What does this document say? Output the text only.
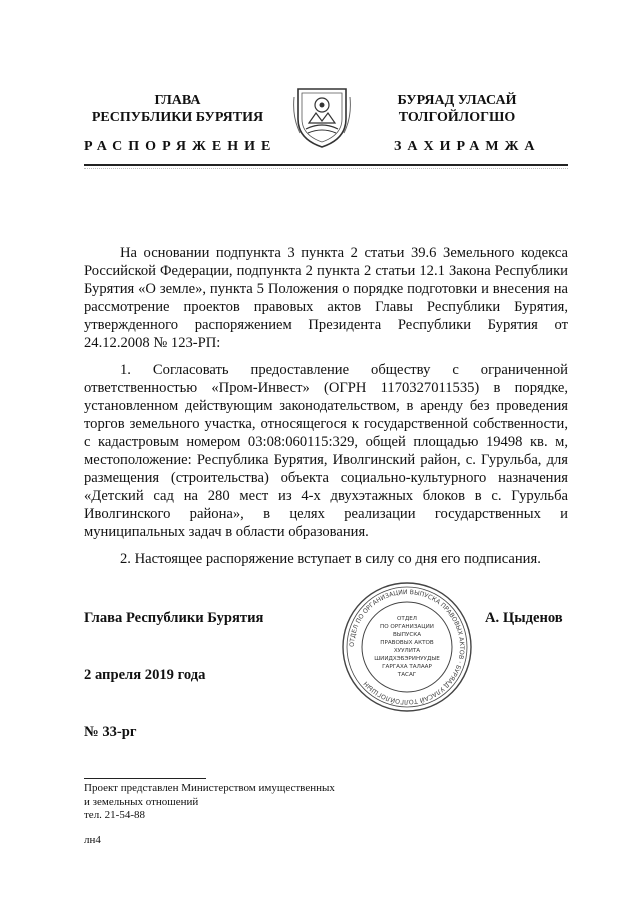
ГЛАВА
РЕСПУБЛИКИ БУРЯТИЯ
БУРЯАД УЛАСАЙ
ТОЛГОЙЛОГШО
РАСПОРЯЖЕНИЕ	ЗАХИРАМЖА

На основании подпункта 3 пункта 2 статьи 39.6 Земельного кодекса Российской Федерации, подпункта 2 пункта 2 статьи 12.1 Закона Республики Бурятия «О земле», пункта 5 Положения о порядке подготовки и внесения на рассмотрение проектов правовых актов Главы Республики Бурятия, утвержденного распоряжением Президента Республики Бурятия от 24.12.2008 № 123-РП:

1. Согласовать предоставление обществу с ограниченной ответственностью «Пром-Инвест» (ОГРН 1170327011535) в порядке, установленном действующим законодательством, в аренду без проведения торгов земельного участка, относящегося к государственной собственности, с кадастровым номером 03:08:060115:329, общей площадью 19498 кв. м, местоположение: Республика Бурятия, Иволгинский район, с. Гурульба, для размещения (строительства) объекта социально-культурного назначения «Детский сад на 280 мест из 4-х двухэтажных блоков в с. Гурульба Иволгинского района», в целях реализации государственных и муниципальных задач в области образования.

2. Настоящее распоряжение вступает в силу со дня его подписания.

Глава Республики Бурятия
ОТДЕЛ ПО ОРГАНИЗАЦИИ ВЫПУСКА ПРАВОВЫХ АКТОВ · БУРЯАД УЛАСАЙ ТОЛГОЙЛОГШЫН
ОТДЕЛ
ПО ОРГАНИЗАЦИИ
ВЫПУСКА
ПРАВОВЫХ АКТОВ
ХУУЛИТА
ШИИДХЭБЭРИНУУДЫЕ
ГАРГАХА ТАЛААР
ТАСАГ
А. Цыденов
2 апреля 2019 года
№ 33-рг
Проект представлен Министерством имущественных
и земельных отношений
тел. 21-54-88
лн4
